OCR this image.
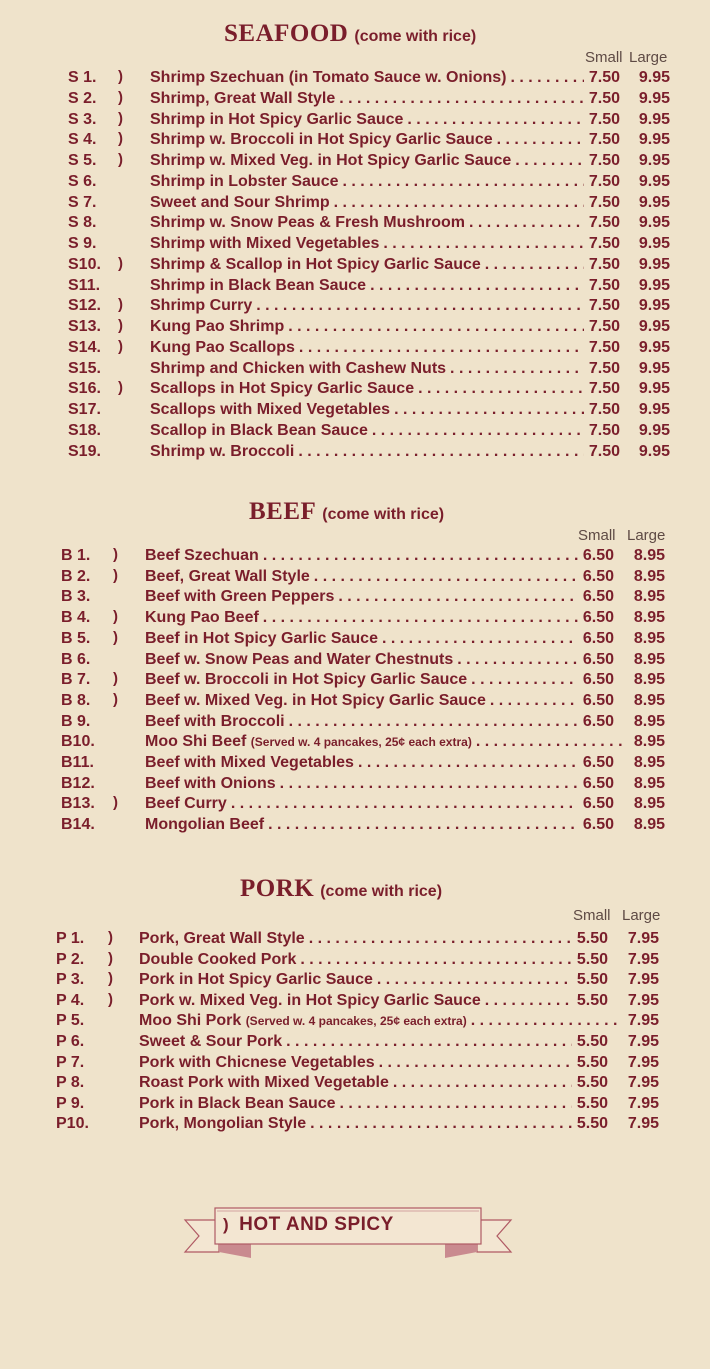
SEAFOOD (come with rice)
Small Large
S 1. ) Shrimp Szechuan (in Tomato Sauce w. Onions) . . .	7.50	9.95
S 2. ) Shrimp, Great Wall Style . . .	7.50	9.95
S 3. ) Shrimp in Hot Spicy Garlic Sauce . . .	7.50	9.95
S 4. ) Shrimp w. Broccoli in Hot Spicy Garlic Sauce . . .	7.50	9.95
S 5. ) Shrimp w. Mixed Veg. in Hot Spicy Garlic Sauce . . .	7.50	9.95
S 6.	Shrimp in Lobster Sauce . . .	7.50	9.95
S 7.	Sweet and Sour Shrimp . . .	7.50	9.95
S 8.	Shrimp w. Snow Peas & Fresh Mushroom . . .	7.50	9.95
S 9.	Shrimp with Mixed Vegetables . . .	7.50	9.95
S10. ) Shrimp & Scallop in Hot Spicy Garlic Sauce . . .	7.50	9.95
S11.	Shrimp in Black Bean Sauce . . .	7.50	9.95
S12. ) Shrimp Curry . . .	7.50	9.95
S13. ) Kung Pao Shrimp . . .	7.50	9.95
S14. ) Kung Pao Scallops . . .	7.50	9.95
S15.	Shrimp and Chicken with Cashew Nuts . . .	7.50	9.95
S16. ) Scallops in Hot Spicy Garlic Sauce . . .	7.50	9.95
S17.	Scallops with Mixed Vegetables . . .	7.50	9.95
S18.	Scallop in Black Bean Sauce . . .	7.50	9.95
S19.	Shrimp w. Broccoli . . .	7.50	9.95
BEEF (come with rice)
Small Large
B 1. ) Beef Szechuan . . .	6.50	8.95
B 2. ) Beef, Great Wall Style . . .	6.50	8.95
B 3.	Beef with Green Peppers . . .	6.50	8.95
B 4. ) Kung Pao Beef . . .	6.50	8.95
B 5. ) Beef in Hot Spicy Garlic Sauce . . .	6.50	8.95
B 6.	Beef w. Snow Peas and Water Chestnuts . . .	6.50	8.95
B 7. ) Beef w. Broccoli in Hot Spicy Garlic Sauce . . .	6.50	8.95
B 8. ) Beef w. Mixed Veg. in Hot Spicy Garlic Sauce . . .	6.50	8.95
B 9.	Beef with Broccoli . . .	6.50	8.95
B10.	Moo Shi Beef (Served w. 4 pancakes, 25¢ each extra) . . .	8.95
B11.	Beef with Mixed Vegetables . . .	6.50	8.95
B12.	Beef with Onions . . .	6.50	8.95
B13. ) Beef Curry . . .	6.50	8.95
B14.	Mongolian Beef . . .	6.50	8.95
PORK (come with rice)
Small Large
P 1. ) Pork, Great Wall Style . . .	5.50	7.95
P 2. ) Double Cooked Pork . . .	5.50	7.95
P 3. ) Pork in Hot Spicy Garlic Sauce . . .	5.50	7.95
P 4. ) Pork w. Mixed Veg. in Hot Spicy Garlic Sauce . . .	5.50	7.95
P 5.	Moo Shi Pork (Served w. 4 pancakes, 25¢ each extra) . . .	7.95
P 6.	Sweet & Sour Pork . . .	5.50	7.95
P 7.	Pork with Chicnese Vegetables . . .	5.50	7.95
P 8.	Roast Pork with Mixed Vegetable . . .	5.50	7.95
P 9.	Pork in Black Bean Sauce . . .	5.50	7.95
P10.	Pork, Mongolian Style . . .	5.50	7.95
) HOT AND SPICY
